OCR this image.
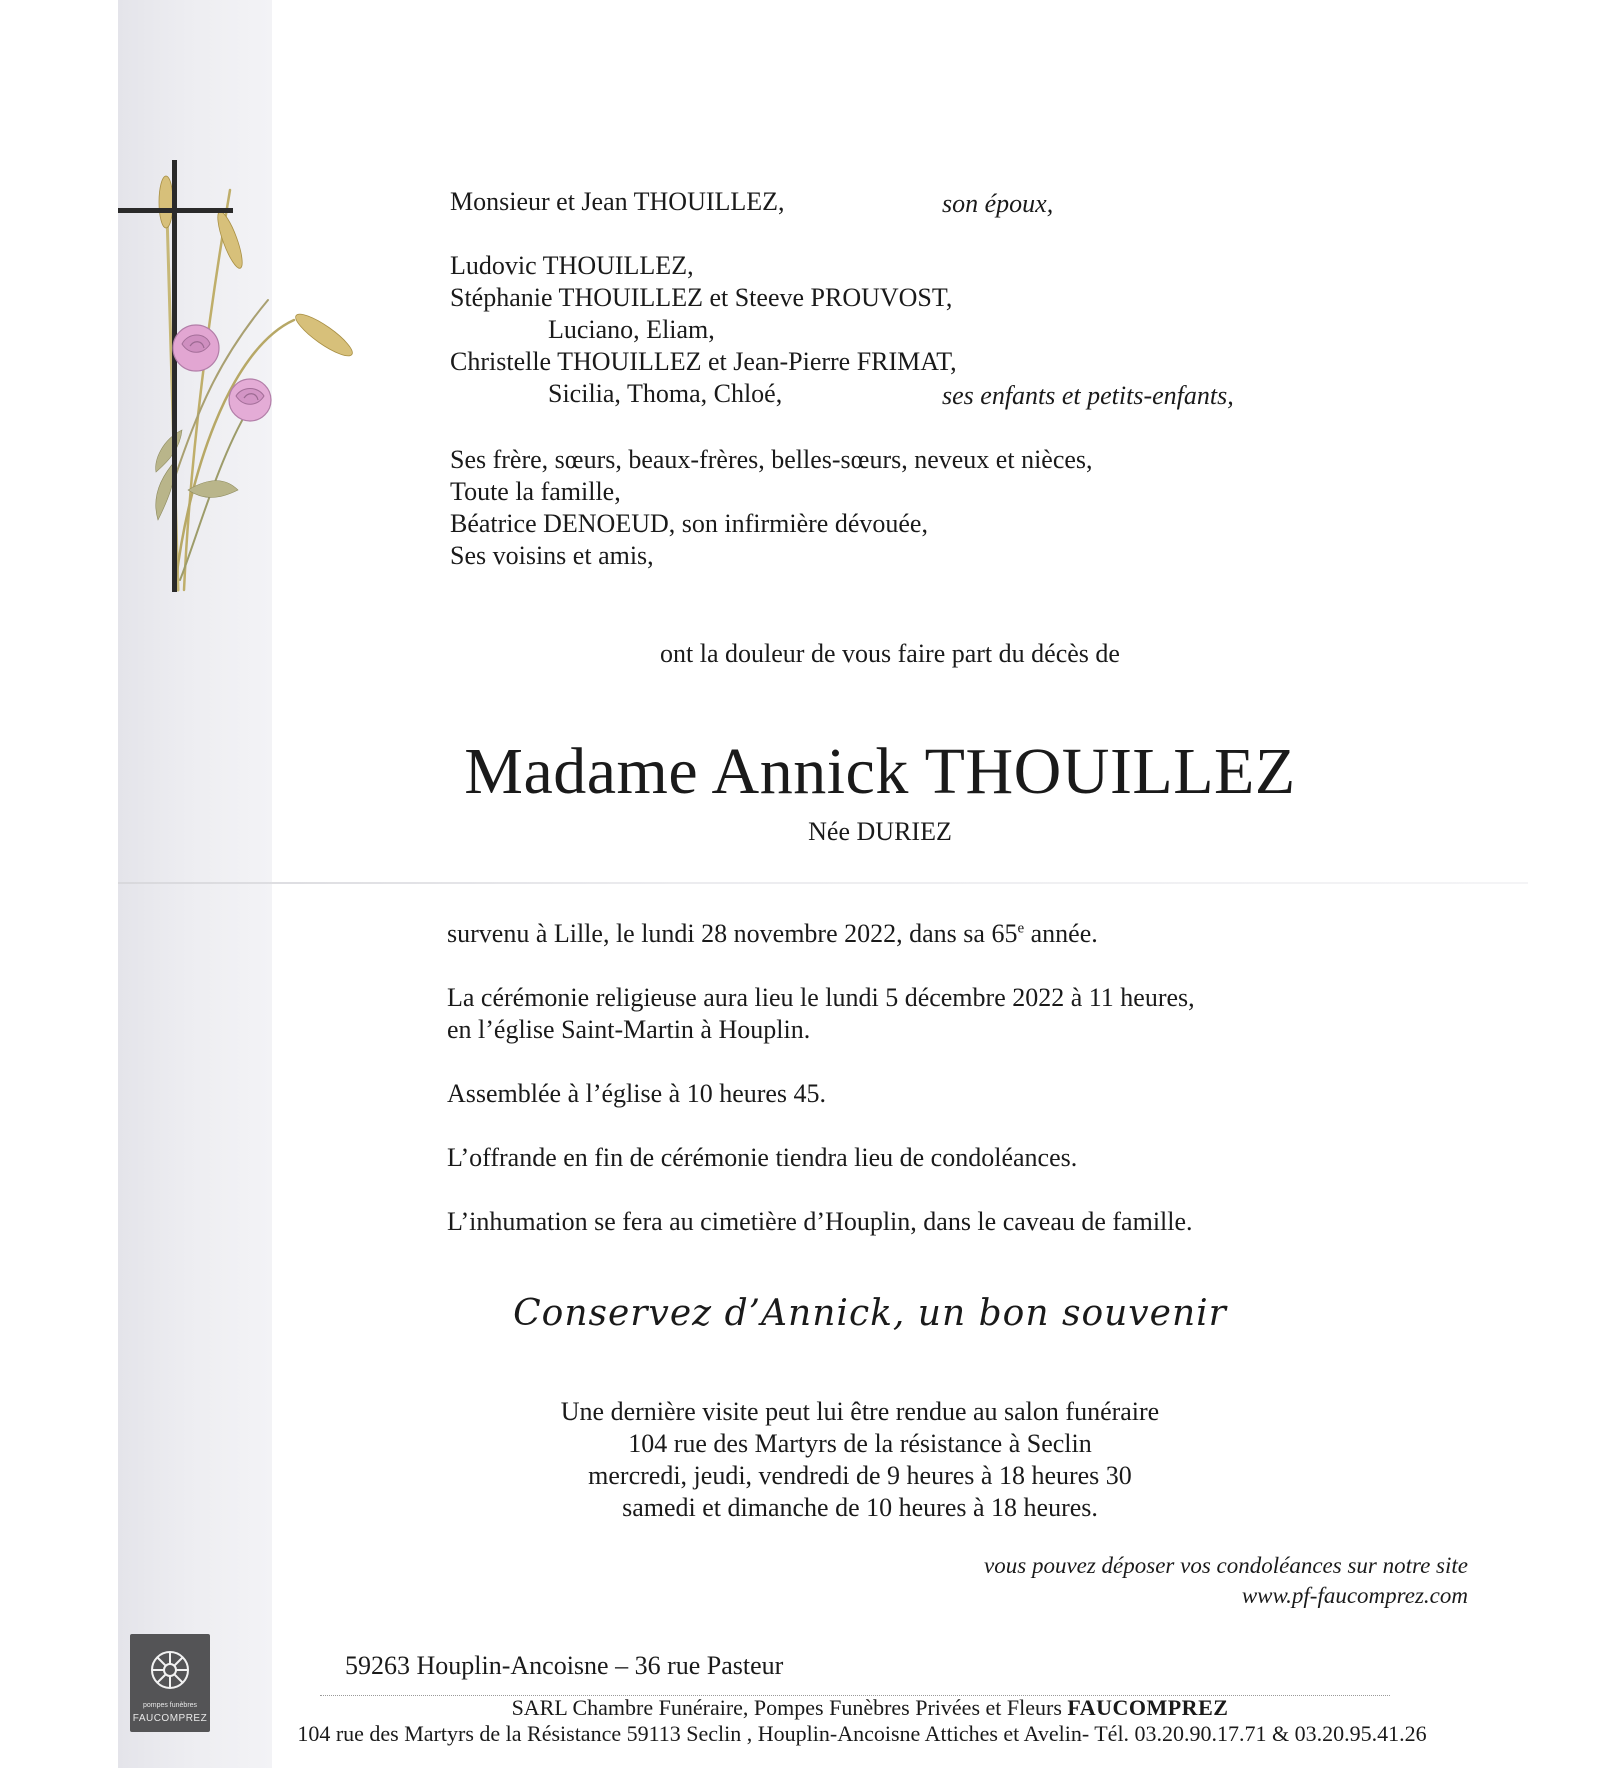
Monsieur et Jean THOUILLEZ,	son époux,
Ludovic THOUILLEZ,
Stéphanie THOUILLEZ et Steeve PROUVOST,
Luciano, Eliam,
Christelle THOUILLEZ et Jean-Pierre FRIMAT,
Sicilia, Thoma, Chloé,	ses enfants et petits-enfants,
Ses frère, sœurs, beaux-frères, belles-sœurs, neveux et nièces,
Toute la famille,
Béatrice DENOEUD, son infirmière dévouée,
Ses voisins et amis,
ont la douleur de vous faire part du décès de
Madame Annick THOUILLEZ
Née DURIEZ
survenu à Lille, le lundi 28 novembre 2022, dans sa 65e année.
La cérémonie religieuse aura lieu le lundi 5 décembre 2022 à 11 heures,
en l’église Saint-Martin à Houplin.
Assemblée à l’église à 10 heures 45.
L’offrande en fin de cérémonie tiendra lieu de condoléances.
L’inhumation se fera au cimetière d’Houplin, dans le caveau de famille.
Conservez d’Annick, un bon souvenir
Une dernière visite peut lui être rendue au salon funéraire
104 rue des Martyrs de la résistance à Seclin
mercredi, jeudi, vendredi de 9 heures à 18 heures 30
samedi et dimanche de 10 heures à 18 heures.
vous pouvez déposer vos condoléances sur notre site
www.pf-faucomprez.com
pompes funèbres
FAUCOMPREZ
59263 Houplin-Ancoisne – 36 rue Pasteur
SARL Chambre Funéraire, Pompes Funèbres Privées et Fleurs FAUCOMPREZ
104 rue des Martyrs de la Résistance 59113 Seclin , Houplin-Ancoisne Attiches et Avelin- Tél. 03.20.90.17.71 & 03.20.95.41.26
